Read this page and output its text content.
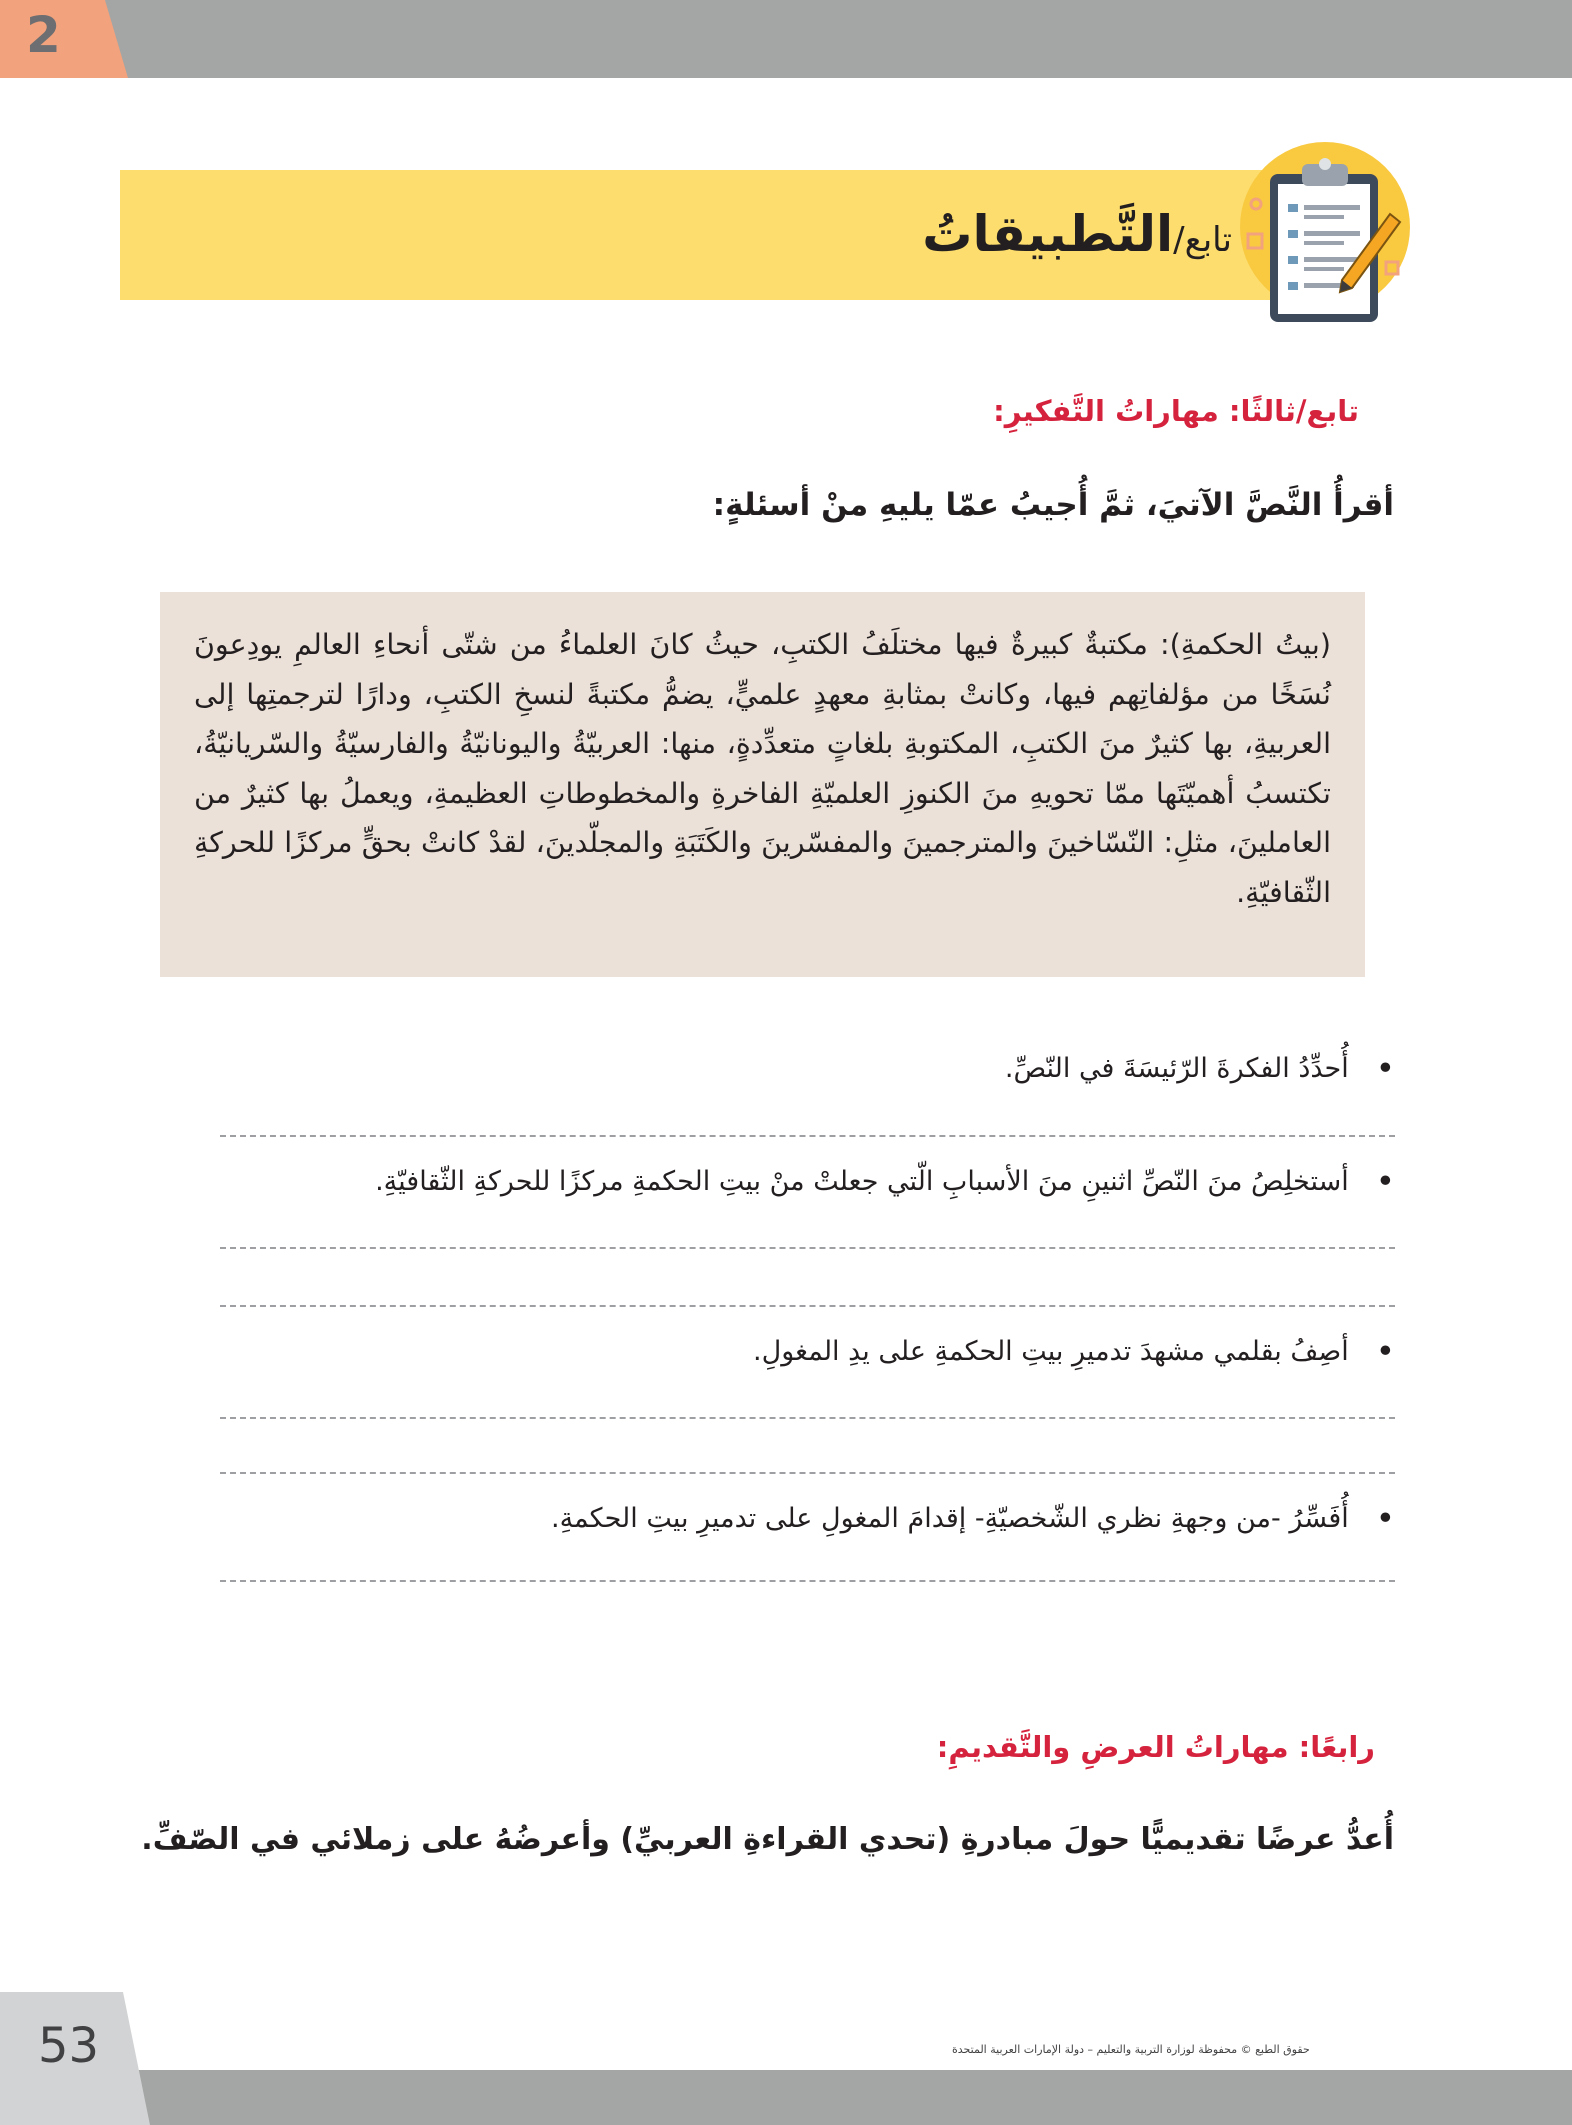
2
تابع/التَّطبيقاتُ
تابع/ثالثًا: مهاراتُ التَّفكيرِ:
أقرأُ النَّصَّ الآتيَ، ثمَّ أُجيبُ عمّا يليهِ منْ أسئلةٍ:
(بيتُ الحكمةِ): مكتبةٌ كبيرةٌ فيها مختلَفُ الكتبِ، حيثُ كانَ العلماءُ من شتّى أنحاءِ العالمِ يودِعونَ نُسَخًا من مؤلفاتِهم فيها، وكانتْ بمثابةِ معهدٍ علميٍّ، يضمُّ مكتبةً لنسخِ الكتبِ، ودارًا لترجمتِها إلى العربيةِ، بها كثيرٌ منَ الكتبِ، المكتوبةِ بلغاتٍ متعدِّدةٍ، منها: العربيّةُ واليونانيّةُ والفارسيّةُ والسّريانيّةُ، تكتسبُ أهميّتَها ممّا تحويهِ منَ الكنوزِ العلميّةِ الفاخرةِ والمخطوطاتِ العظيمةِ، ويعملُ بها كثيرٌ من العاملينَ، مثلِ: النّسّاخينَ والمترجمينَ والمفسّرينَ والكَتَبَةِ والمجلّدينَ، لقدْ كانتْ بحقٍّ مركزًا للحركةِ الثّقافيّةِ.
•أُحدِّدُ الفكرةَ الرّئيسَةَ في النّصِّ.
•أستخلِصُ منَ النّصِّ اثنينِ منَ الأسبابِ الّتي جعلتْ منْ بيتِ الحكمةِ مركزًا للحركةِ الثّقافيّةِ.
•أصِفُ بقلمي مشهدَ تدميرِ بيتِ الحكمةِ على يدِ المغولِ.
•أُفَسِّرُ -من وجهةِ نظري الشّخصيّةِ- إقدامَ المغولِ على تدميرِ بيتِ الحكمةِ.
رابعًا: مهاراتُ العرضِ والتَّقديمِ:
أُعدُّ عرضًا تقديميًّا حولَ مبادرةِ (تحدي القراءةِ العربيِّ) وأعرضُهُ على زملائي في الصّفِّ.
53	حقوق الطبع © محفوظة لوزارة التربية والتعليم – دولة الإمارات العربية المتحدة
